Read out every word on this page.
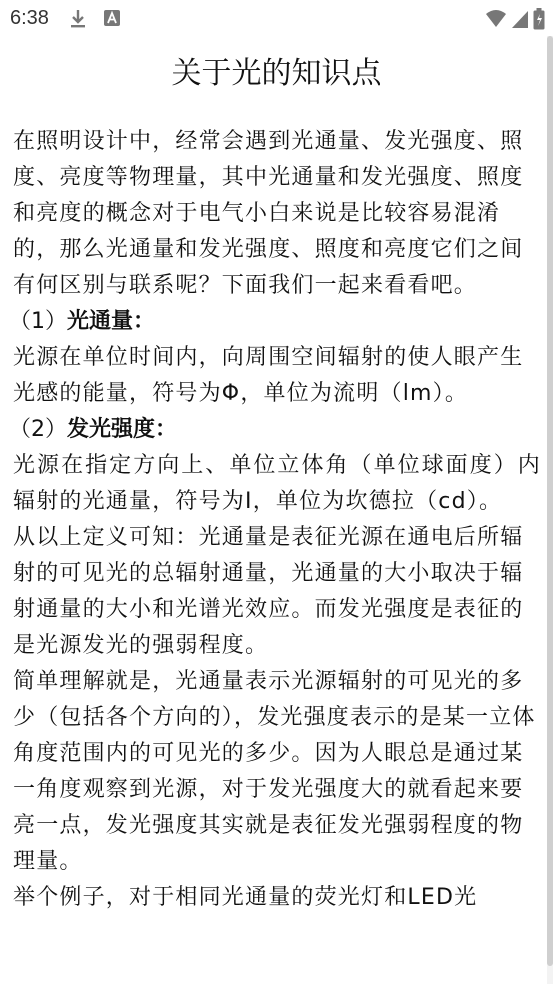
6:38
关于光的知识点

在照明设计中，经常会遇到光通量、发光强度、照度、亮度等物理量，其中光通量和发光强度、照度和亮度的概念对于电气小白来说是比较容易混淆的，那么光通量和发光强度、照度和亮度它们之间有何区别与联系呢？下面我们一起来看看吧。

（1）光通量：

光源在单位时间内，向周围空间辐射的使人眼产生光感的能量，符号为Φ，单位为流明（lm）。

（2）发光强度：

光源在指定方向上、单位立体角（单位球面度）内辐射的光通量，符号为I，单位为坎德拉（cd）。

从以上定义可知：光通量是表征光源在通电后所辐射的可见光的总辐射通量，光通量的大小取决于辐射通量的大小和光谱光效应。而发光强度是表征的是光源发光的强弱程度。

简单理解就是，光通量表示光源辐射的可见光的多少（包括各个方向的），发光强度表示的是某一立体角度范围内的可见光的多少。因为人眼总是通过某一角度观察到光源，对于发光强度大的就看起来要亮一点，发光强度其实就是表征发光强弱程度的物理量。

举个例子，对于相同光通量的荧光灯和LED光
